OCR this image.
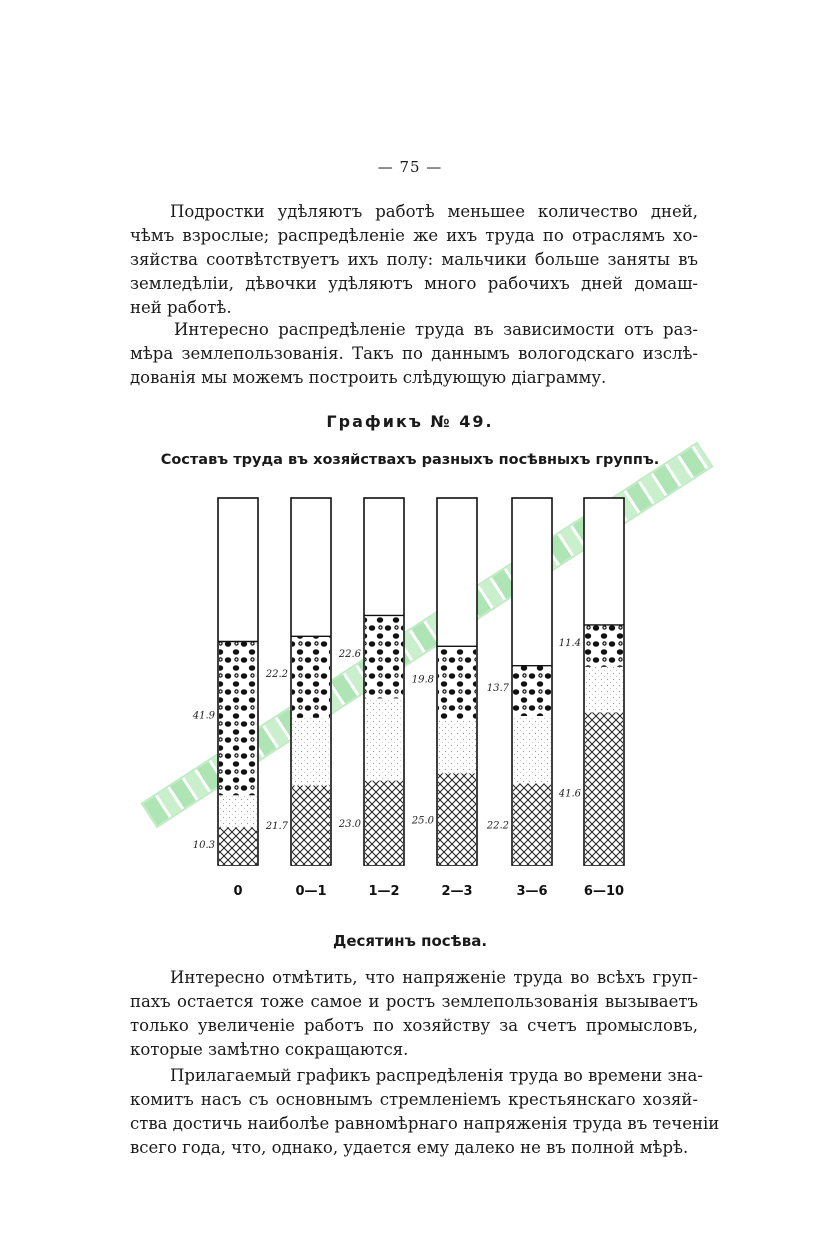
— 75 —
Подростки удѣляютъ работѣ меньшее количество дней,
чѣмъ взрослые; распредѣленіе же ихъ труда по отраслямъ хо-
зяйства соотвѣтствуетъ ихъ полу: мальчики больше заняты въ
земледѣліи, дѣвочки удѣляютъ много рабочихъ дней домаш-
ней работѣ.
Интересно распредѣленіе труда въ зависимости отъ раз-
мѣра землепользованія. Такъ по даннымъ вологодскаго изслѣ-
дованія мы можемъ построить слѣдующую діаграмму.
Графикъ № 49.
Составъ труда въ хозяйствахъ разныхъ посѣвныхъ группъ.
41.9
10.3
0
22.2
21.7
0—1
22.6
23.0
1—2
19.8
25.0
2—3
13.7
22.2
3—6
11.4
41.6
6—10
Десятинъ посѣва.
Интересно отмѣтить, что напряженіе труда во всѣхъ груп-
пахъ остается тоже самое и ростъ землепользованія вызываетъ
только увеличеніе работъ по хозяйству за счетъ промысловъ,
которые замѣтно сокращаются.
Прилагаемый графикъ распредѣленія труда во времени зна-
комитъ насъ съ основнымъ стремленіемъ крестьянскаго хозяй-
ства достичь наиболѣе равномѣрнаго напряженія труда въ теченіи
всего года, что, однако, удается ему далеко не въ полной мѣрѣ.
